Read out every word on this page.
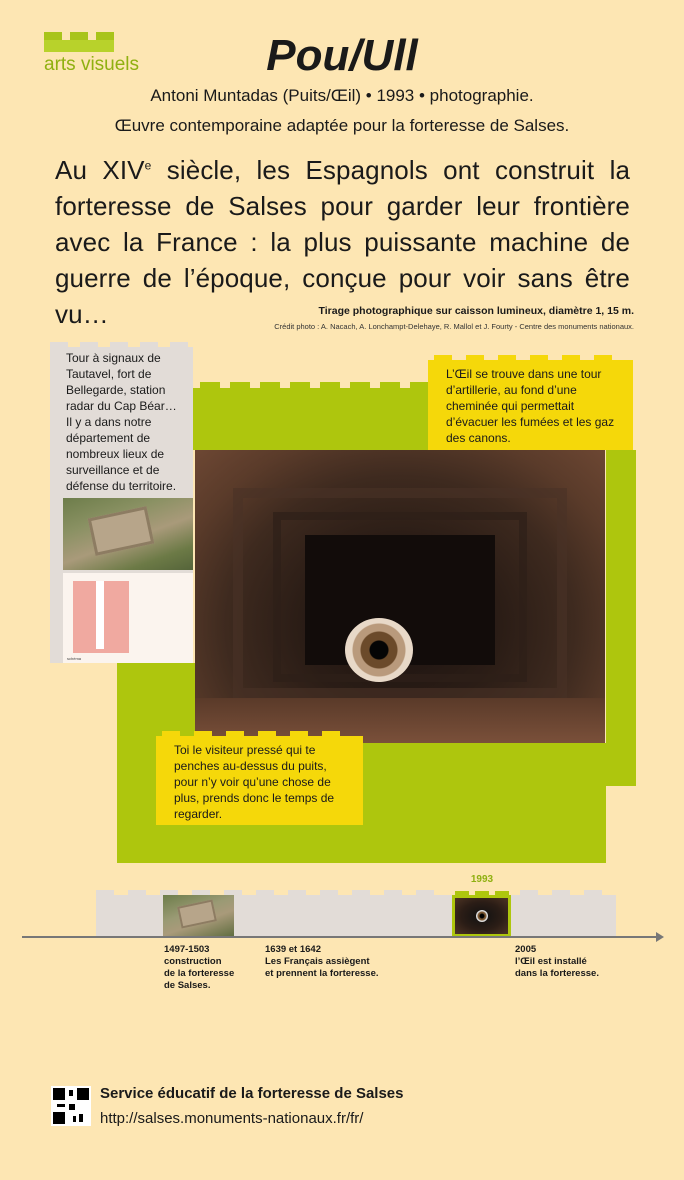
arts visuels	Pou/Ull
Antoni Muntadas (Puits/Œil) • 1993 • photographie.
Œuvre contemporaine adaptée pour la forteresse de Salses.
Au XIVe siècle, les Espagnols ont construit la forteresse de Salses pour garder leur frontière avec la France : la plus puissante machine de guerre de l’époque, conçue pour voir sans être vu…	Tirage photographique sur caisson lumineux, diamètre 1, 15 m.
Crédit photo : A. Nacach, A. Lonchampt-Delehaye, R. Mallol et J. Fourty - Centre des monuments nationaux.
Tour à signaux de Tautavel, fort de Bellegarde, station radar du Cap Béar… Il y a dans notre département de nombreux lieux de surveillance et de défense du territoire.
schéma
L’Œil se trouve dans une tour d’artillerie, au fond d’une cheminée qui permettait d’évacuer les fumées et les gaz des canons.
Toi le visiteur pressé qui te penches au-dessus du puits, pour n’y voir qu’une chose de plus, prends donc le temps de regarder.
1993
1497-1503
construction
de la forteresse
de Salses.
1639 et 1642
Les Français assiègent
et prennent la forteresse.
2005
l’Œil est installé
dans la forteresse.
Service éducatif de la forteresse de Salses
http://salses.monuments-nationaux.fr/fr/
